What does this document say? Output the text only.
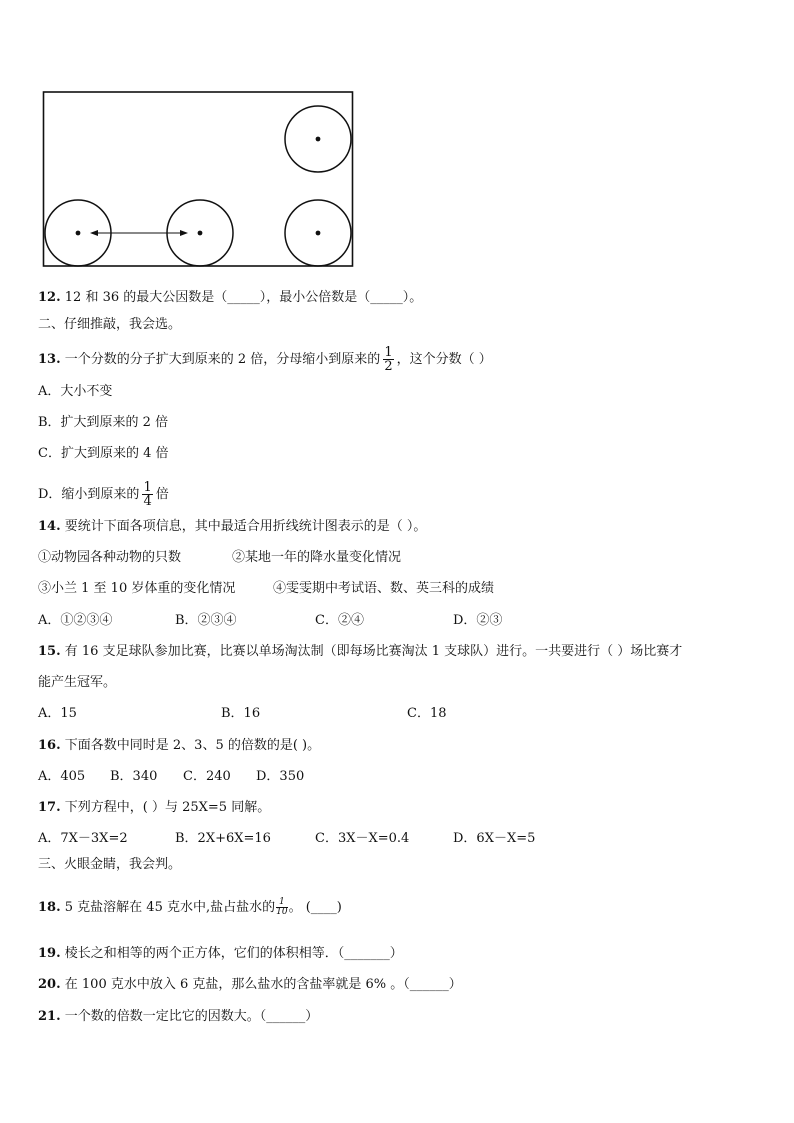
12. 12 和 36 的最大公因数是（_____），最小公倍数是（_____）。
二、仔细推敲，我会选。
13. 一个分数的分子扩大到原来的 2 倍，分母缩小到原来的 $\frac{1}{2}$ ，这个分数（ ）
A．大小不变
B．扩大到原来的 2 倍
C．扩大到原来的 4 倍
D．缩小到原来的 $\frac{1}{4}$ 倍
14. 要统计下面各项信息，其中最适合用折线统计图表示的是（ ）。
①动物园各种动物的只数	②某地一年的降水量变化情况
③小兰 1 至 10 岁体重的变化情况	④雯雯期中考试语、数、英三科的成绩
A．①②③④	B．②③④	C．②④	D．②③
15. 有 16 支足球队参加比赛，比赛以单场淘汰制（即每场比赛淘汰 1 支球队）进行。一共要进行（ ）场比赛才
能产生冠军。
A．15	B．16	C．18
16. 下面各数中同时是 2、3、5 的倍数的是( )。
A．405 B．340 C．240 D．350
17. 下列方程中，( ）与 25X=5 同解。
A．7X－3X=2	B．2X+6X=16	C．3X－X=0.4	D．6X－X=5
三、火眼金睛，我会判。
18. 5 克盐溶解在 45 克水中,盐占盐水的 $\frac{1}{10}$ 。 (____)
19. 棱长之和相等的两个正方体，它们的体积相等．（_______）
20. 在 100 克水中放入 6 克盐，那么盐水的含盐率就是 6% 。（______）
21. 一个数的倍数一定比它的因数大。（______）
